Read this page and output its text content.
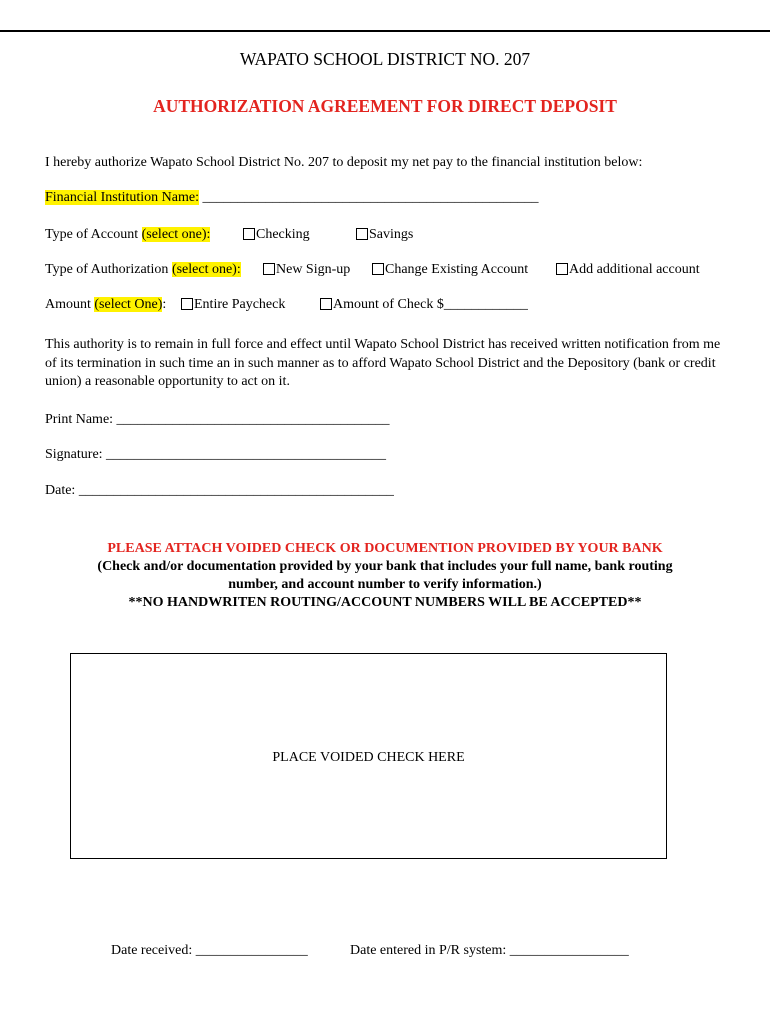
WAPATO SCHOOL DISTRICT NO. 207
AUTHORIZATION AGREEMENT FOR DIRECT DEPOSIT
I hereby authorize Wapato School District No. 207 to deposit my net pay to the financial institution below:
Financial Institution Name: ________________________________________________
Type of Account (select one):	Checking	Savings
Type of Authorization (select one):	New Sign-up	Change Existing Account	Add additional account
Amount (select One):	Entire Paycheck	Amount of Check $____________
This authority is to remain in full force and effect until Wapato School District has received written notification from me of its termination in such time an in such manner as to afford Wapato School District and the Depository (bank or credit union) a reasonable opportunity to act on it.
Print Name: _______________________________________
Signature: ________________________________________
Date: _____________________________________________
PLEASE ATTACH VOIDED CHECK OR DOCUMENTION PROVIDED BY YOUR BANK
(Check and/or documentation provided by your bank that includes your full name, bank routing
number, and account number to verify information.)
**NO HANDWRITEN ROUTING/ACCOUNT NUMBERS WILL BE ACCEPTED**
PLACE VOIDED CHECK HERE
Date received: ________________	Date entered in P/R system: _________________
